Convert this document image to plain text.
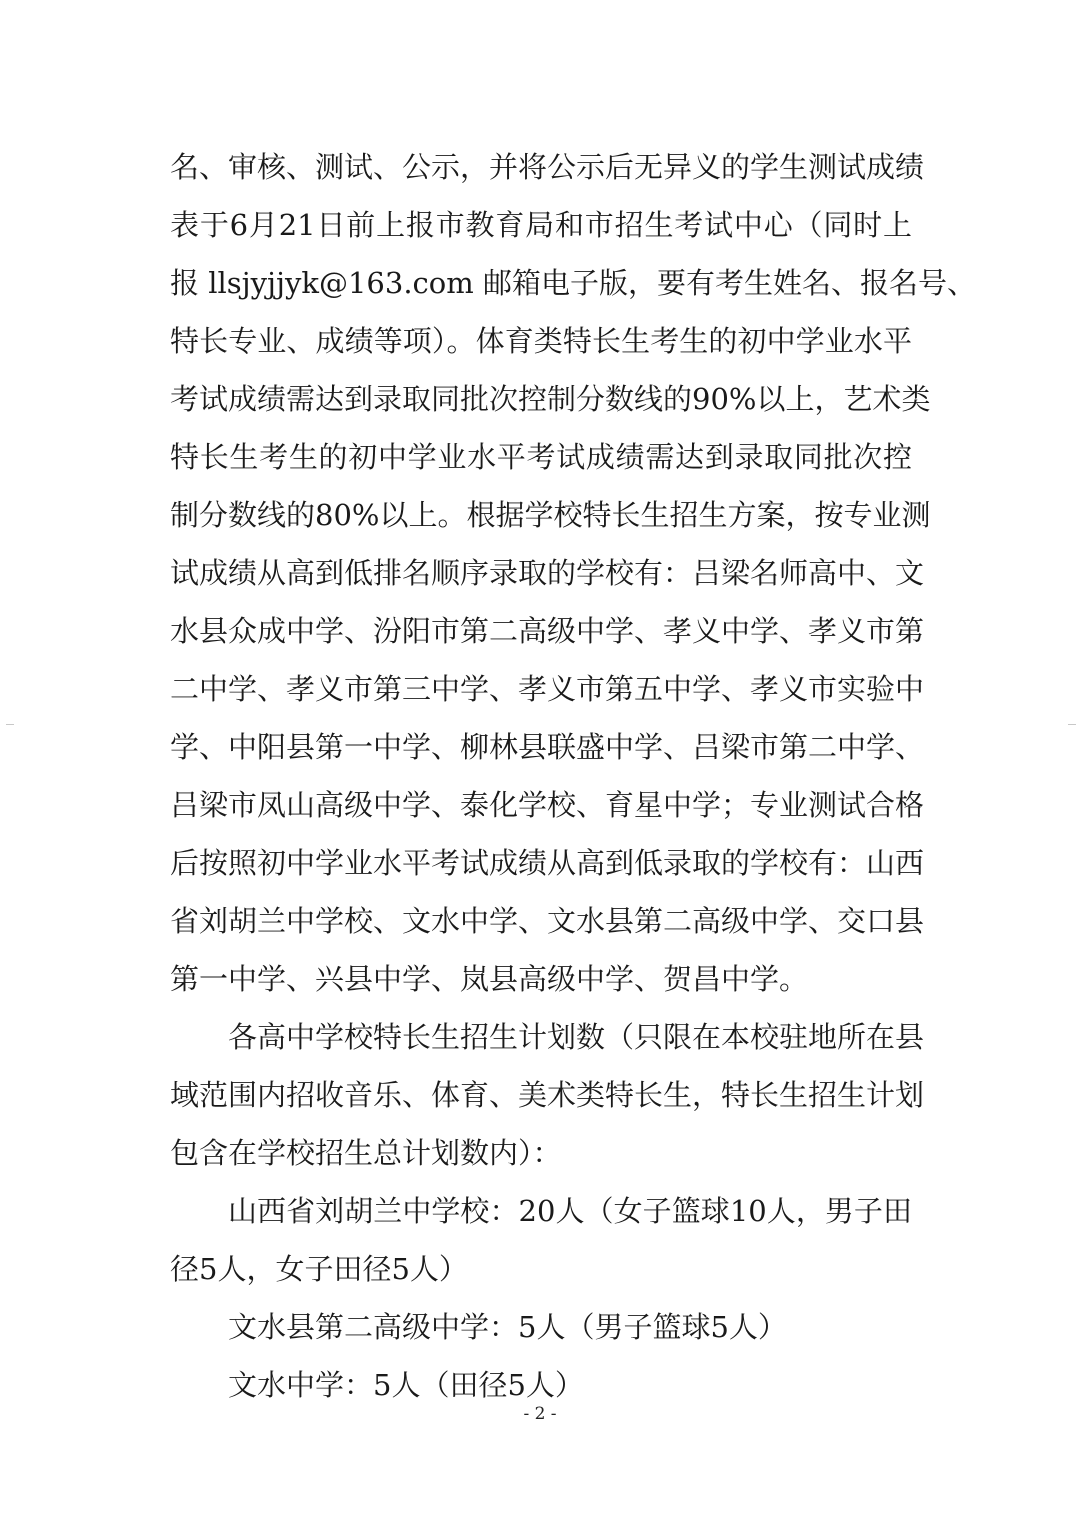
名、审核、测试、公示，并将公示后无异义的学生测试成绩
表于6月21日前上报市教育局和市招生考试中心（同时上
报 llsjyjjyk@163.com 邮箱电子版，要有考生姓名、报名号、
特长专业、成绩等项）。体育类特长生考生的初中学业水平
考试成绩需达到录取同批次控制分数线的90%以上，艺术类
特长生考生的初中学业水平考试成绩需达到录取同批次控
制分数线的80%以上。根据学校特长生招生方案，按专业测
试成绩从高到低排名顺序录取的学校有：吕梁名师高中、文
水县众成中学、汾阳市第二高级中学、孝义中学、孝义市第
二中学、孝义市第三中学、孝义市第五中学、孝义市实验中
学、中阳县第一中学、柳林县联盛中学、吕梁市第二中学、
吕梁市凤山高级中学、泰化学校、育星中学；专业测试合格
后按照初中学业水平考试成绩从高到低录取的学校有：山西
省刘胡兰中学校、文水中学、文水县第二高级中学、交口县
第一中学、兴县中学、岚县高级中学、贺昌中学。
各高中学校特长生招生计划数（只限在本校驻地所在县
域范围内招收音乐、体育、美术类特长生，特长生招生计划
包含在学校招生总计划数内）：
山西省刘胡兰中学校：20人（女子篮球10人，男子田
径5人，女子田径5人）
文水县第二高级中学：5人（男子篮球5人）
文水中学：5人（田径5人）
- 2 -
